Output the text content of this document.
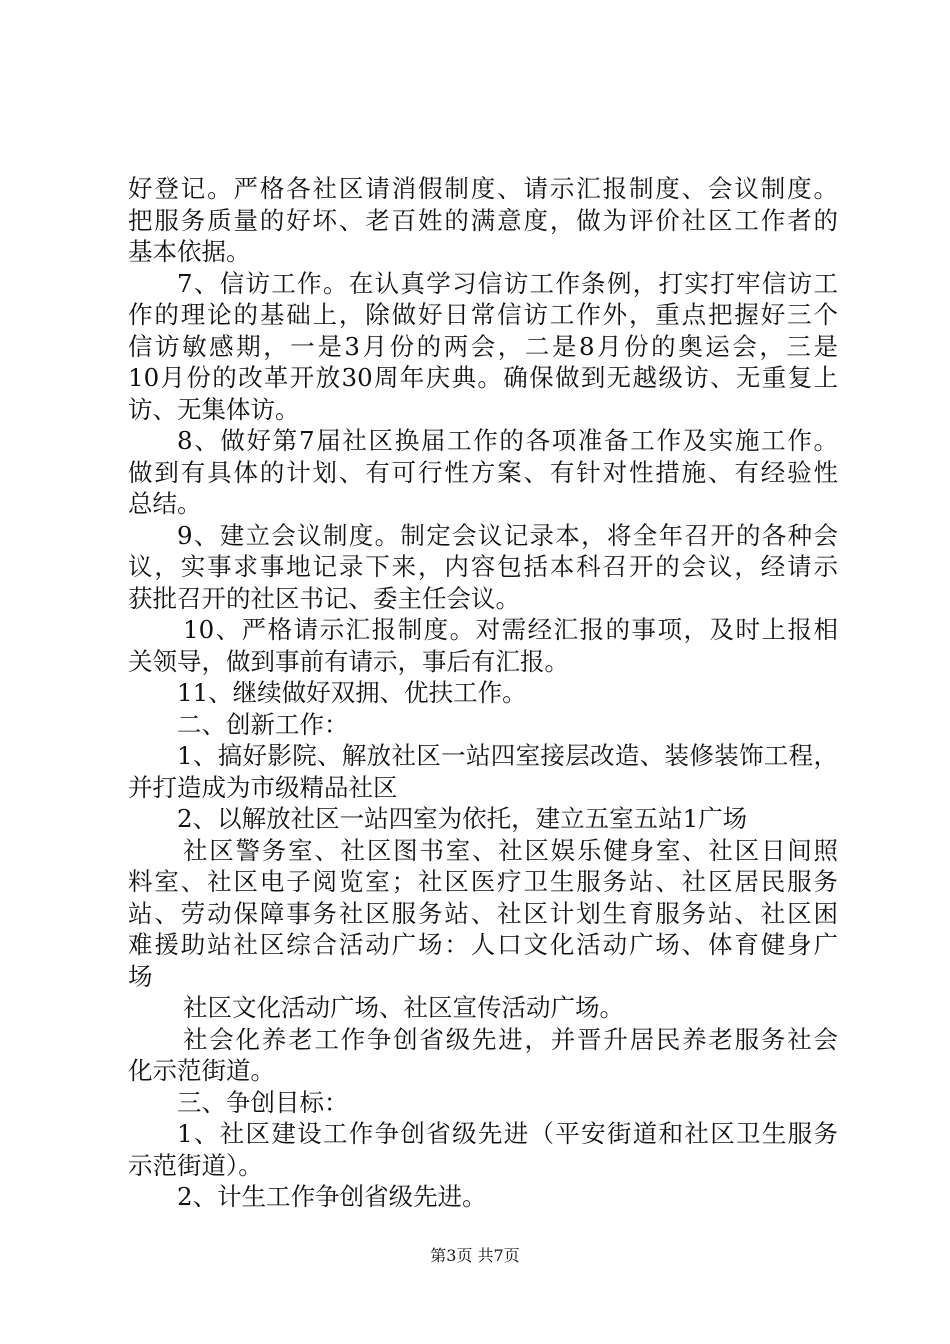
好登记。严格各社区请消假制度、请示汇报制度、会议制度。
把服务质量的好坏、老百姓的满意度，做为评价社区工作者的
基本依据。
7、信访工作。在认真学习信访工作条例，打实打牢信访工
作的理论的基础上，除做好日常信访工作外，重点把握好三个
信访敏感期，一是3月份的两会，二是8月份的奥运会，三是
10月份的改革开放30周年庆典。确保做到无越级访、无重复上
访、无集体访。
8、做好第7届社区换届工作的各项准备工作及实施工作。
做到有具体的计划、有可行性方案、有针对性措施、有经验性
总结。
9、建立会议制度。制定会议记录本，将全年召开的各种会
议，实事求事地记录下来，内容包括本科召开的会议，经请示
获批召开的社区书记、委主任会议。
10、严格请示汇报制度。对需经汇报的事项，及时上报相
关领导，做到事前有请示，事后有汇报。
11、继续做好双拥、优扶工作。
二、创新工作：
1、搞好影院、解放社区一站四室接层改造、装修装饰工程，
并打造成为市级精品社区
2、以解放社区一站四室为依托，建立五室五站1广场
社区警务室、社区图书室、社区娱乐健身室、社区日间照
料室、社区电子阅览室；社区医疗卫生服务站、社区居民服务
站、劳动保障事务社区服务站、社区计划生育服务站、社区困
难援助站社区综合活动广场：人口文化活动广场、体育健身广
场
社区文化活动广场、社区宣传活动广场。
社会化养老工作争创省级先进，并晋升居民养老服务社会
化示范街道。
三、争创目标：
1、社区建设工作争创省级先进（平安街道和社区卫生服务
示范街道）。
2、计生工作争创省级先进。
第3页 共7页
